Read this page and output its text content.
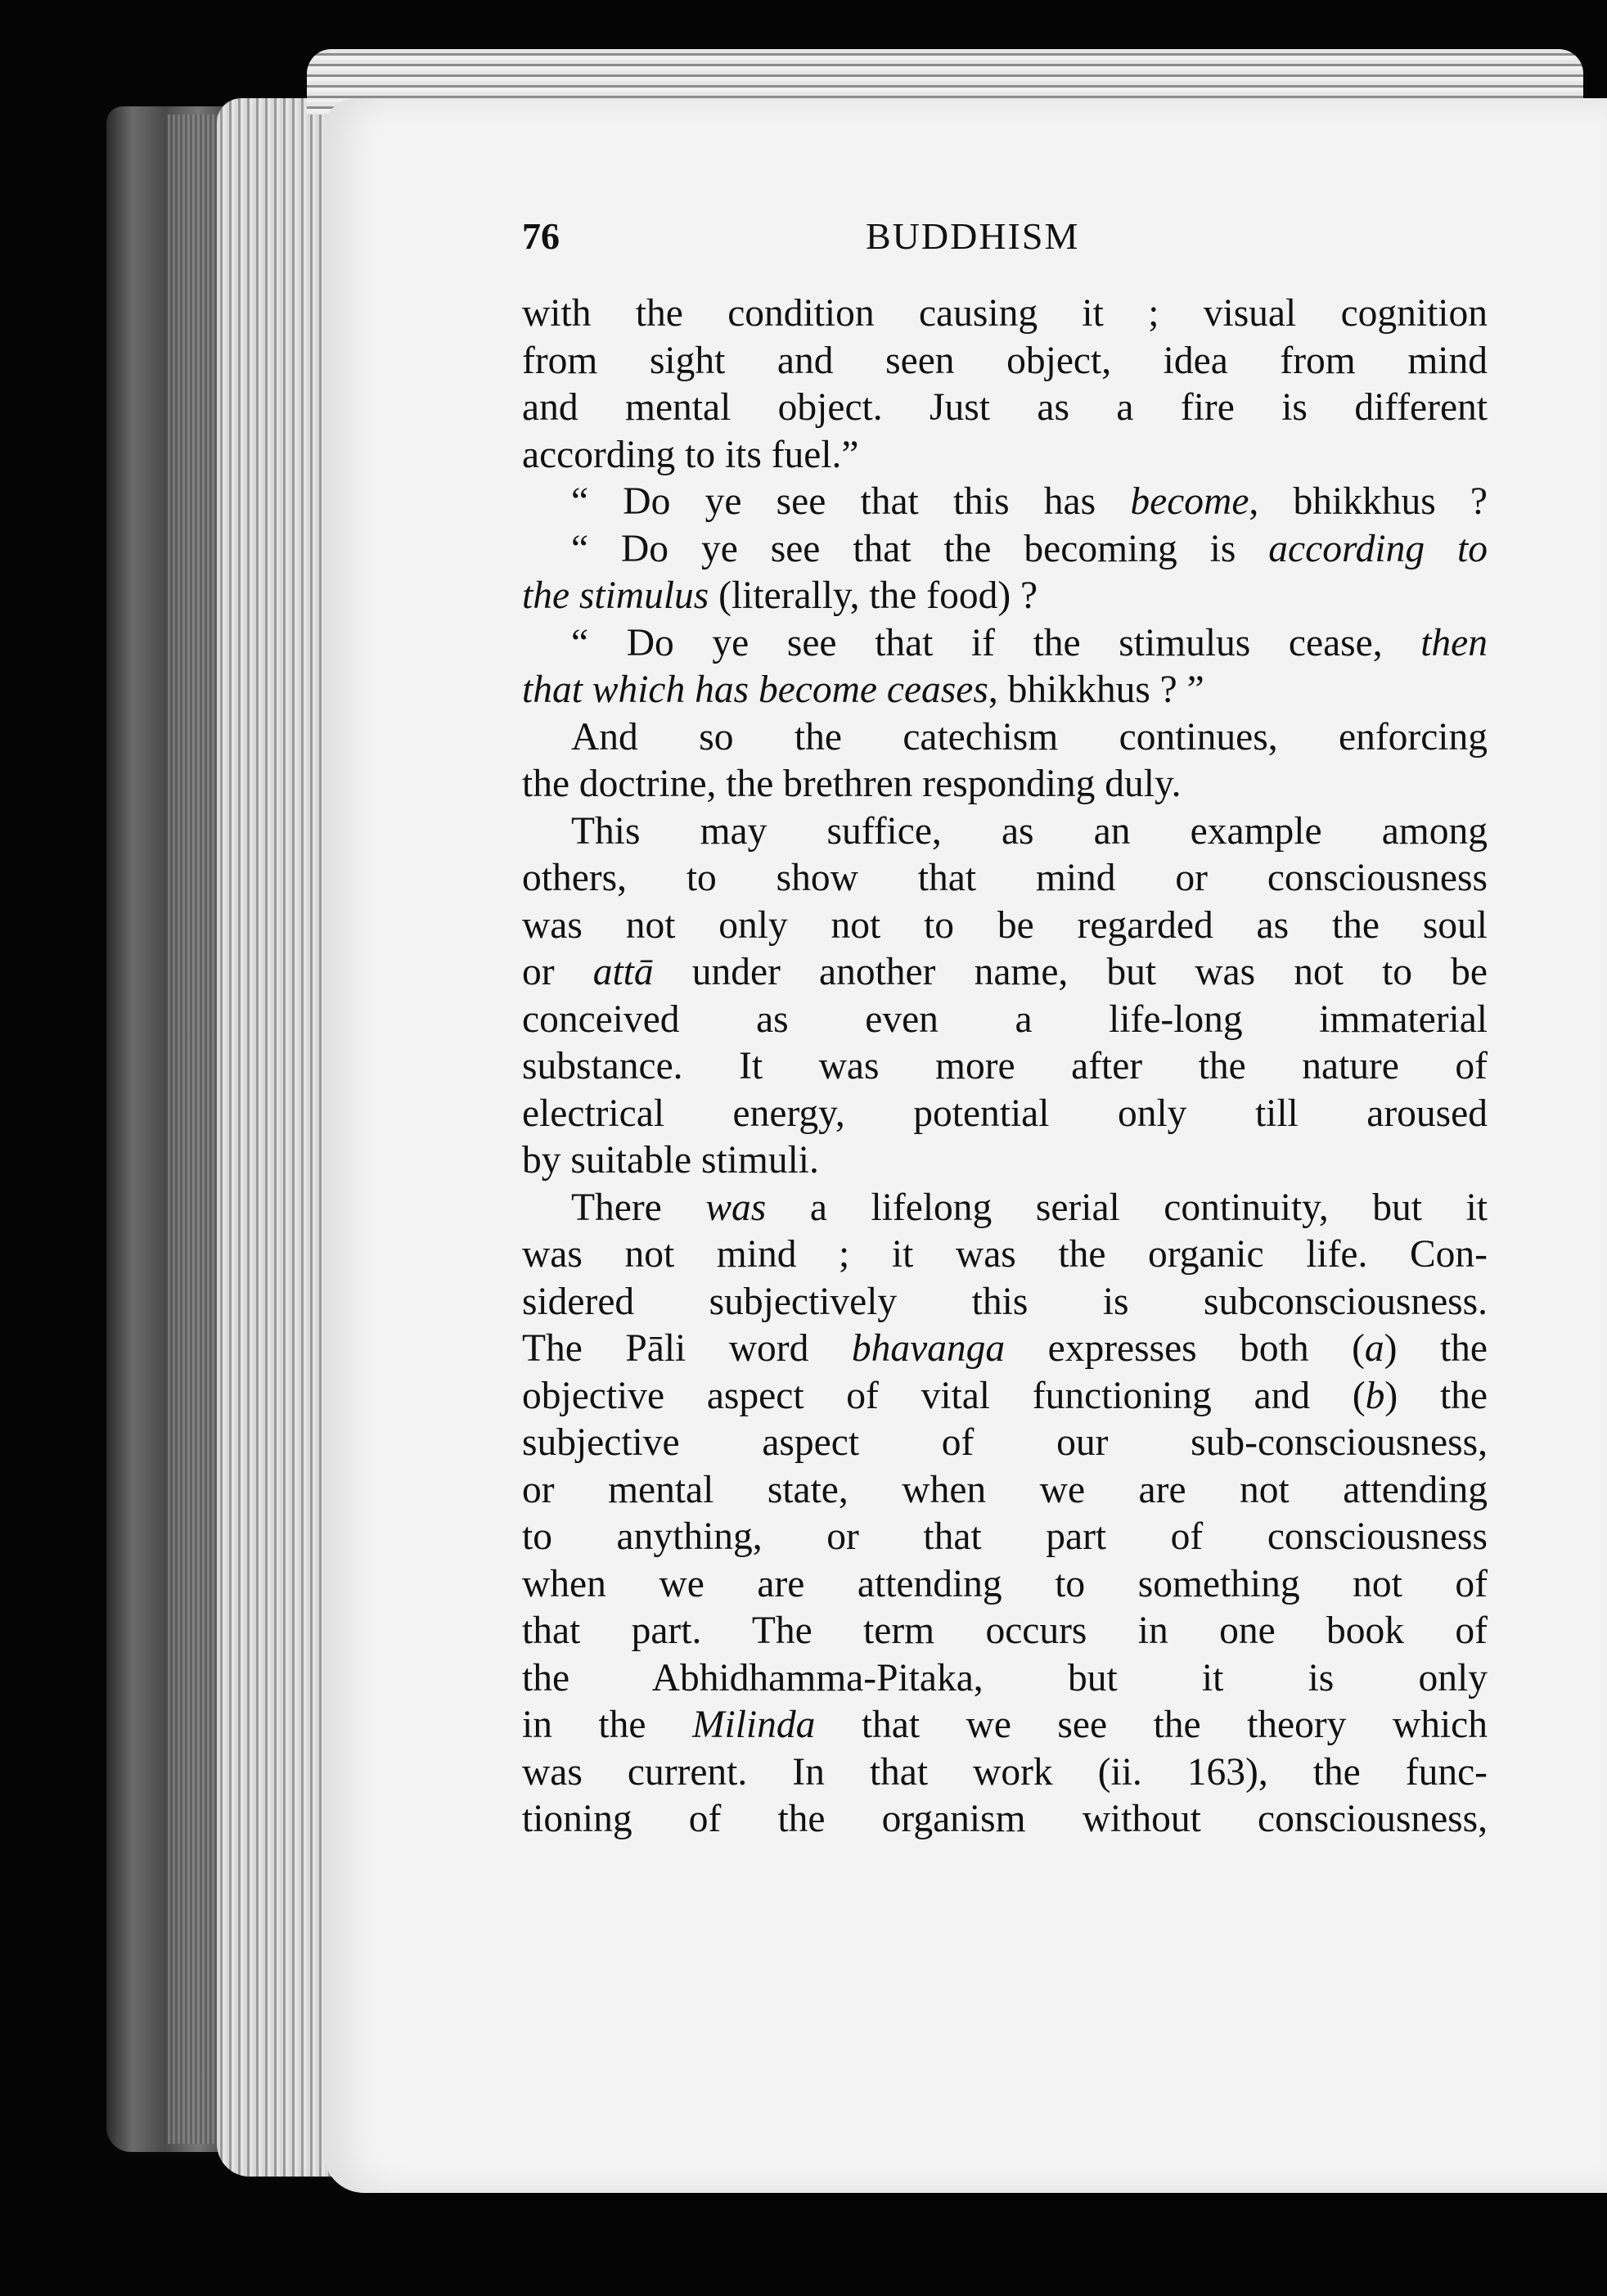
76	BUDDHISM
with the condition causing it ; visual cognition
from sight and seen object, idea from mind
and mental object. Just as a fire is different
according to its fuel.”
“ Do ye see that this has become, bhikkhus ?
“ Do ye see that the becoming is according to
the stimulus (literally, the food) ?
“ Do ye see that if the stimulus cease, then
that which has become ceases, bhikkhus ? ”
And so the catechism continues, enforcing
the doctrine, the brethren responding duly.
This may suffice, as an example among
others, to show that mind or consciousness
was not only not to be regarded as the soul
or attā under another name, but was not to be
conceived as even a life-long immaterial
substance. It was more after the nature of
electrical energy, potential only till aroused
by suitable stimuli.
There was a lifelong serial continuity, but it
was not mind ; it was the organic life. Con-
sidered subjectively this is subconsciousness.
The Pāli word bhavanga expresses both (a) the
objective aspect of vital functioning and (b) the
subjective aspect of our sub-consciousness,
or mental state, when we are not attending
to anything, or that part of consciousness
when we are attending to something not of
that part. The term occurs in one book of
the Abhidhamma-Pitaka, but it is only
in the Milinda that we see the theory which
was current. In that work (ii. 163), the func-
tioning of the organism without consciousness,
